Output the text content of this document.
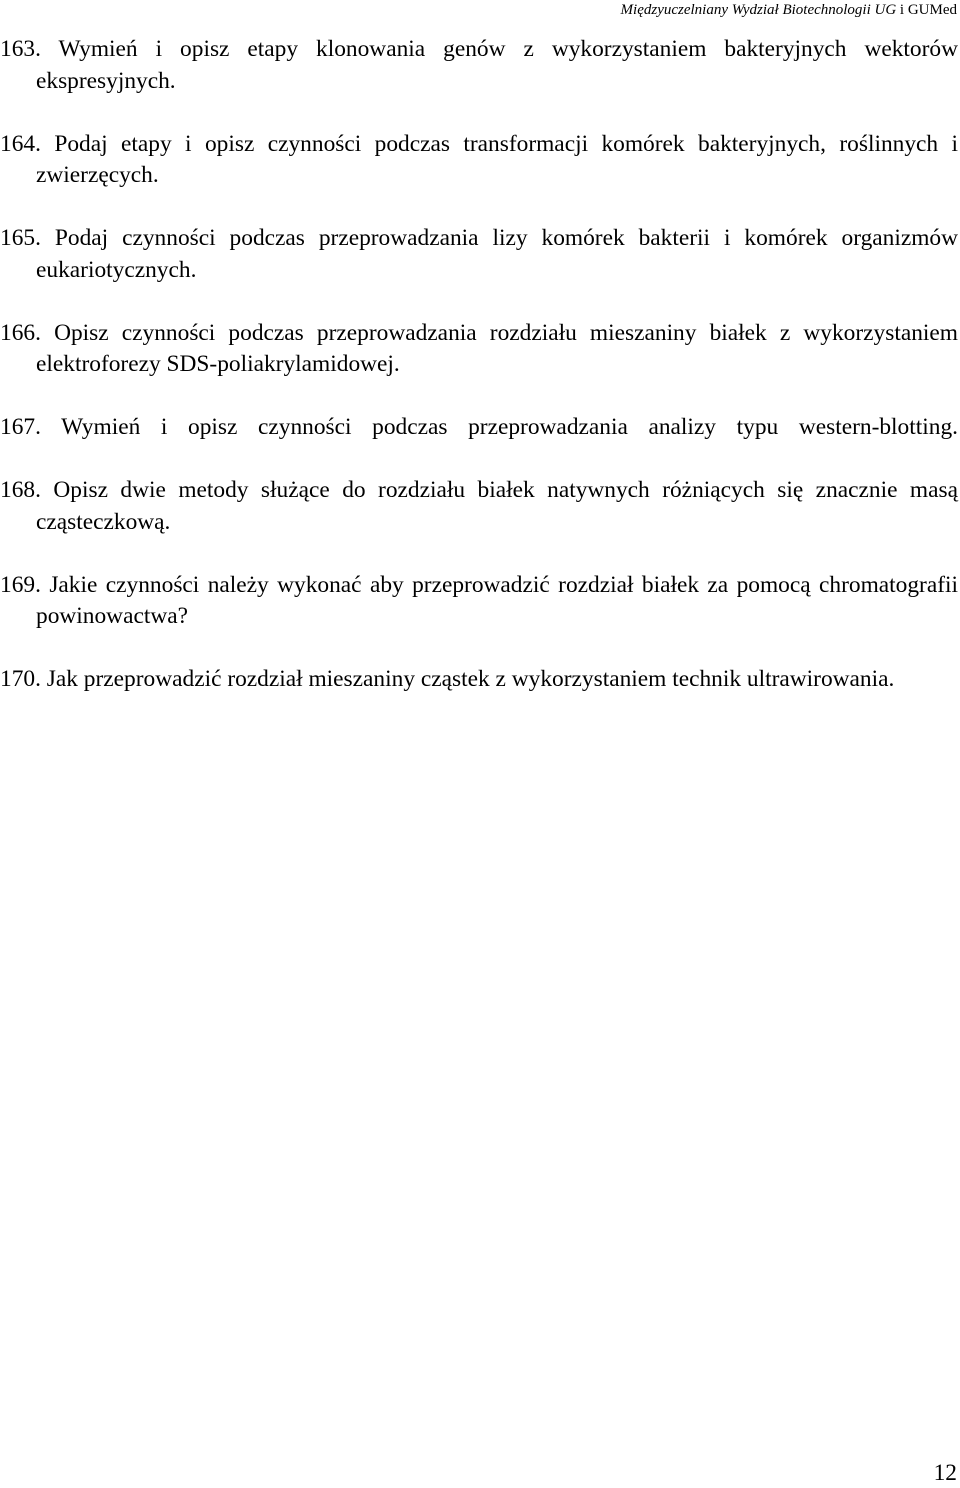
Międzyuczelniany Wydział Biotechnologii UG i GUMed

163. Wymień i opisz etapy klonowania genów z wykorzystaniem bakteryjnych wektorów ekspresyjnych.

164. Podaj etapy i opisz czynności podczas transformacji komórek bakteryjnych, roślinnych i zwierzęcych.

165. Podaj czynności podczas przeprowadzania lizy komórek bakterii i komórek organizmów eukariotycznych.

166. Opisz czynności podczas przeprowadzania rozdziału mieszaniny białek z wykorzystaniem elektroforezy SDS-poliakrylamidowej.

167. Wymień i opisz czynności podczas przeprowadzania analizy typu western-blotting.

168. Opisz dwie metody służące do rozdziału białek natywnych różniących się znacznie masą cząsteczkową.

169. Jakie czynności należy wykonać aby przeprowadzić rozdział białek za pomocą chromatografii powinowactwa?

170. Jak przeprowadzić rozdział mieszaniny cząstek z wykorzystaniem technik ultrawirowania.

12
